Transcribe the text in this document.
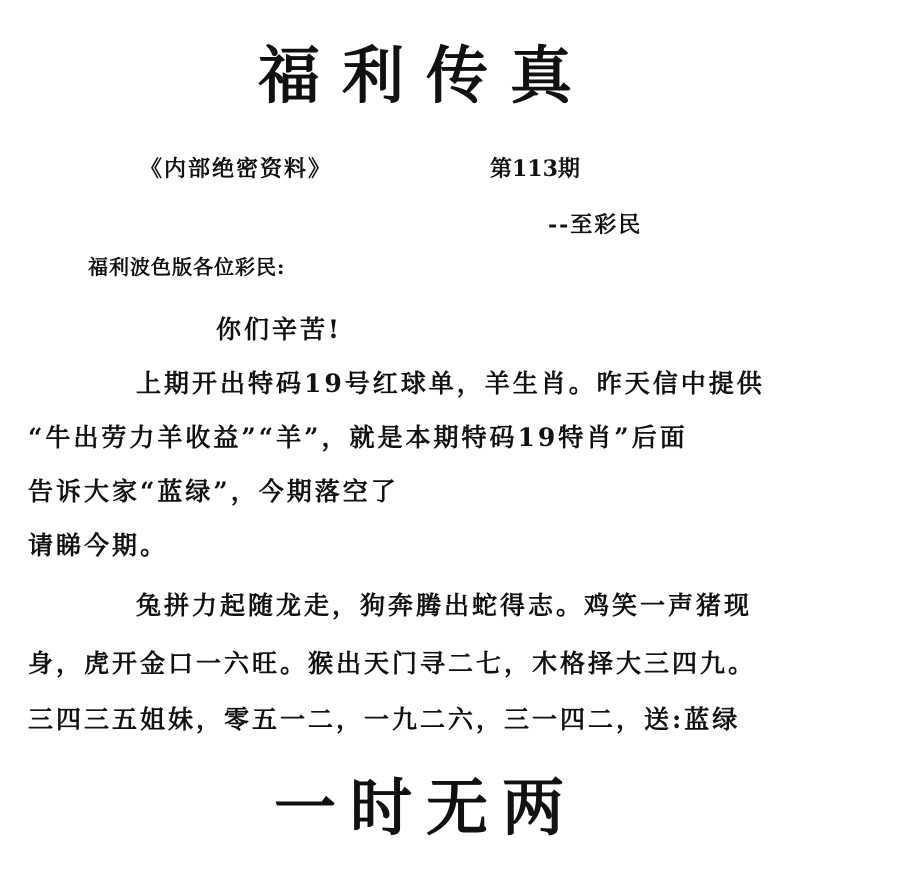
福利传真
《内部绝密资料》	第113期
--至彩民
福利波色版各位彩民:
你们辛苦!
上期开出特码19号红球单，羊生肖。昨天信中提供
“牛出劳力羊收益”“羊”，就是本期特码19特肖”后面
告诉大家“蓝绿”，今期落空了
请睇今期。
兔拼力起随龙走，狗奔腾出蛇得志。鸡笑一声猪现
身，虎开金口一六旺。猴出天门寻二七，木格择大三四九。
三四三五姐妹，零五一二，一九二六，三一四二，送:蓝绿
一时无两
